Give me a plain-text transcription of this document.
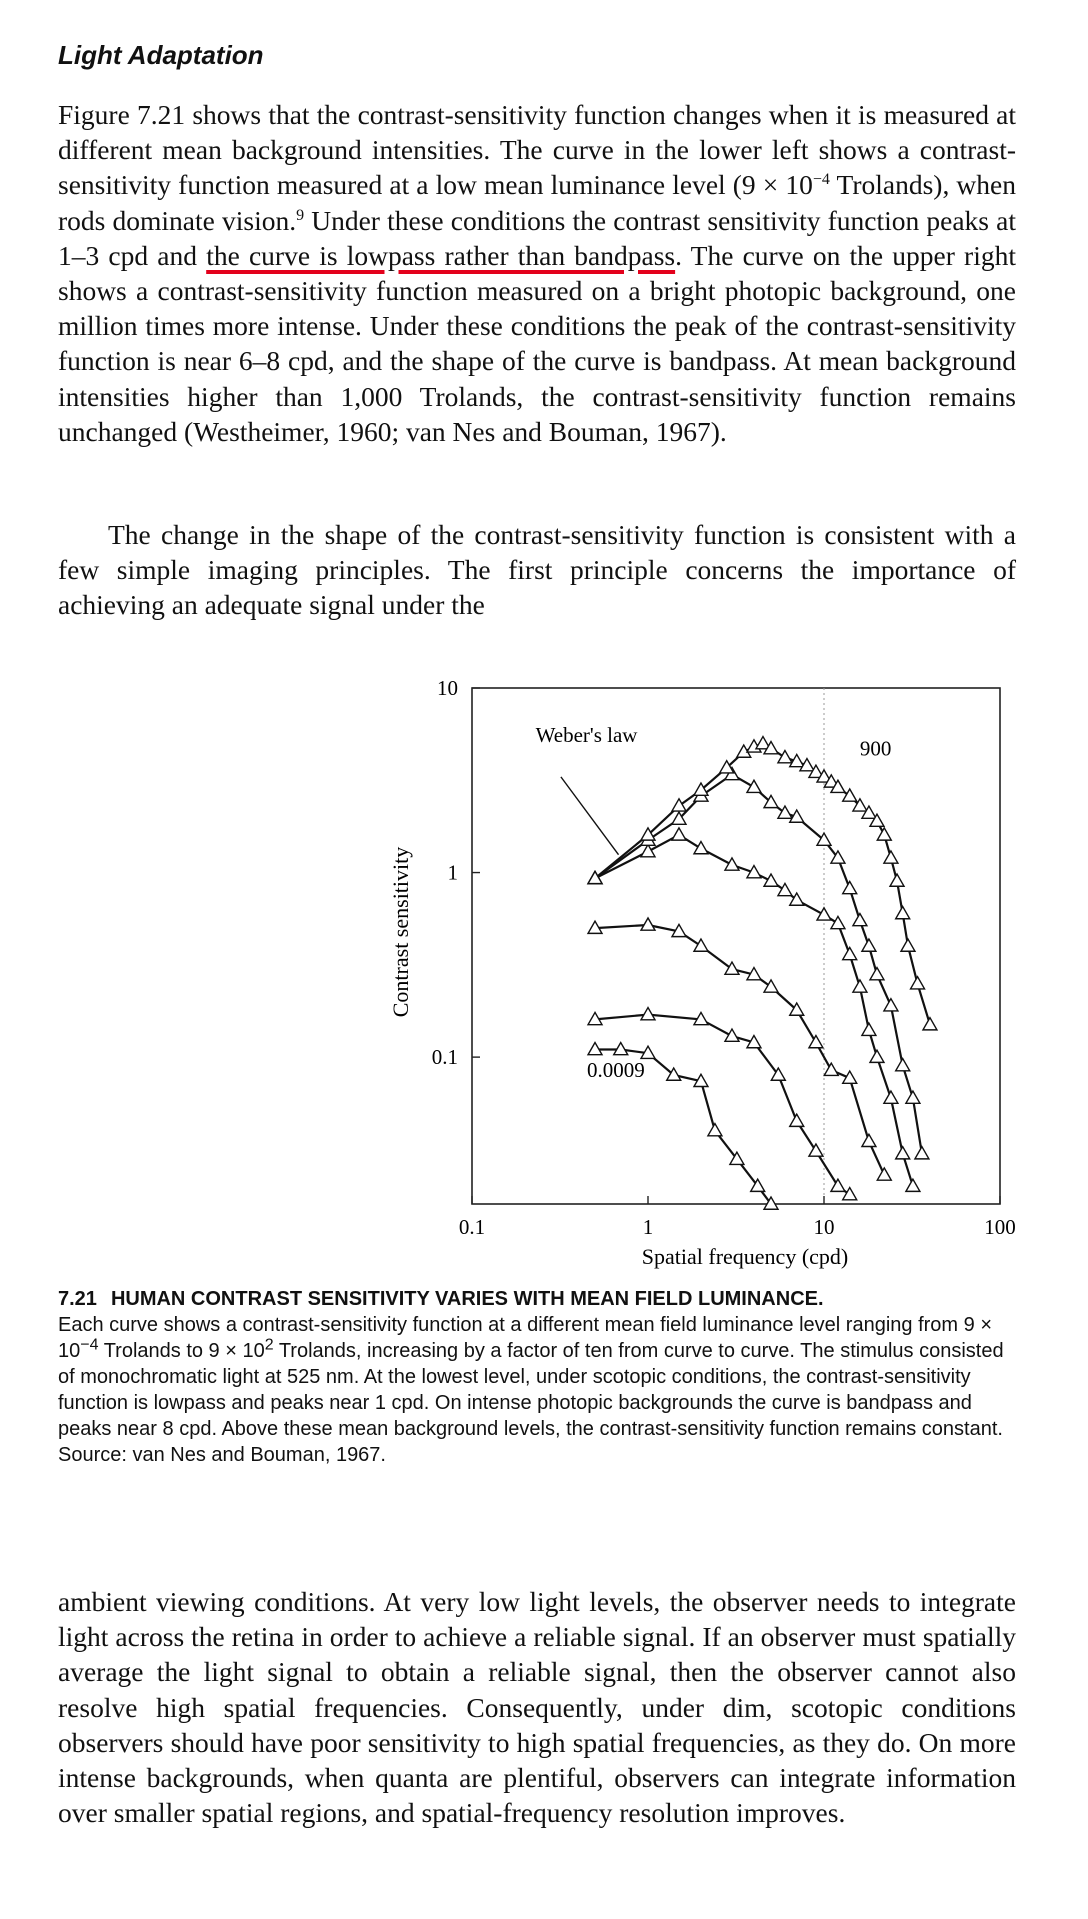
Light Adaptation

Figure 7.21 shows that the contrast-sensitivity function changes when it is measured at different mean background intensities. The curve in the lower left shows a contrast-sensitivity function measured at a low mean luminance level ($9 \times 10^{-4}$ Trolands), when rods dominate vision.$^9$ Under these conditions the contrast sensitivity function peaks at 1–3 cpd and the curve is lowpass rather than bandpass. The curve on the upper right shows a contrast-sensitivity function measured on a bright photopic background, one million times more intense. Under these conditions the peak of the contrast-sensitivity function is near 6–8 cpd, and the shape of the curve is bandpass. At mean background intensities higher than 1,000 Trolands, the contrast-sensitivity function remains unchanged (Westheimer, 1960; van Nes and Bouman, 1967).

The change in the shape of the contrast-sensitivity function is consistent with a few simple imaging principles. The first principle concerns the importance of achieving an adequate signal under the

0.1	1	10	100
10
1
0.1
Weber's law
900
0.0009
Contrast sensitivity
Spatial frequency (cpd)

7.21 HUMAN CONTRAST SENSITIVITY VARIES WITH MEAN FIELD LUMINANCE.
Each curve shows a contrast-sensitivity function at a different mean field luminance level ranging from $9 \times 10^{-4}$ Trolands to $9 \times 10^2$ Trolands, increasing by a factor of ten from curve to curve. The stimulus consisted of monochromatic light at 525 nm. At the lowest level, under scotopic conditions, the contrast-sensitivity function is lowpass and peaks near 1 cpd. On intense photopic backgrounds the curve is bandpass and peaks near 8 cpd. Above these mean background levels, the contrast-sensitivity function remains constant. Source: van Nes and Bouman, 1967.

ambient viewing conditions. At very low light levels, the observer needs to integrate light across the retina in order to achieve a reliable signal. If an observer must spatially average the light signal to obtain a reliable signal, then the observer cannot also resolve high spatial frequencies. Consequently, under dim, scotopic conditions observers should have poor sensitivity to high spatial frequencies, as they do. On more intense backgrounds, when quanta are plentiful, observers can integrate information over smaller spatial regions, and spatial-frequency resolution improves.
